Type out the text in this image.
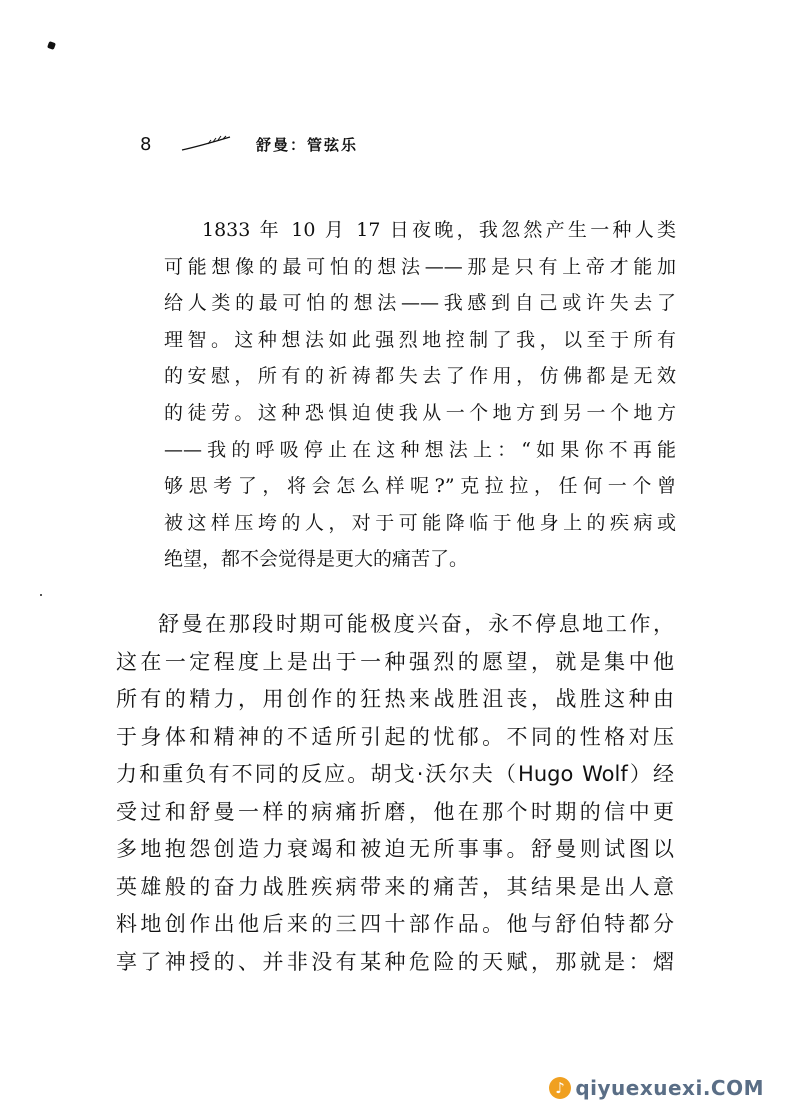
8	舒曼：管弦乐
1833 年 10 月 17 日夜晚，我忽然产生一种人类
可能想像的最可怕的想法——那是只有上帝才能加
给人类的最可怕的想法——我感到自己或许失去了
理智。这种想法如此强烈地控制了我，以至于所有
的安慰，所有的祈祷都失去了作用，仿佛都是无效
的徒劳。这种恐惧迫使我从一个地方到另一个地方
——我的呼吸停止在这种想法上：“如果你不再能
够思考了，将会怎么样呢?”克拉拉，任何一个曾
被这样压垮的人，对于可能降临于他身上的疾病或
绝望，都不会觉得是更大的痛苦了。
舒曼在那段时期可能极度兴奋，永不停息地工作，
这在一定程度上是出于一种强烈的愿望，就是集中他
所有的精力，用创作的狂热来战胜沮丧，战胜这种由
于身体和精神的不适所引起的忧郁。不同的性格对压
力和重负有不同的反应。胡戈·沃尔夫（Hugo Wolf）经
受过和舒曼一样的病痛折磨，他在那个时期的信中更
多地抱怨创造力衰竭和被迫无所事事。舒曼则试图以
英雄般的奋力战胜疾病带来的痛苦，其结果是出人意
料地创作出他后来的三四十部作品。他与舒伯特都分
享了神授的、并非没有某种危险的天赋，那就是：熠
♪ qiyuexuexi.COM
